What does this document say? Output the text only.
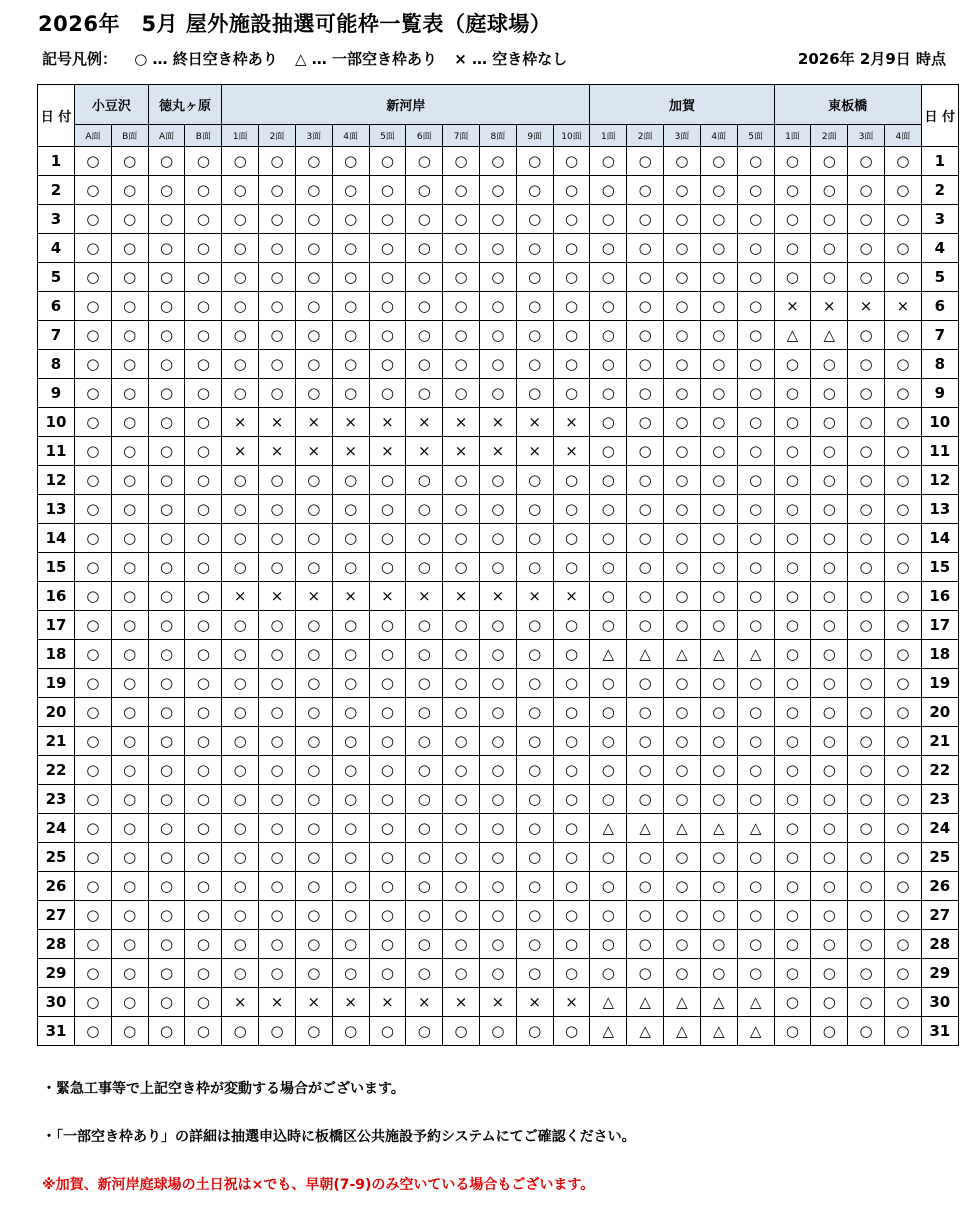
2026年　5月 屋外施設抽選可能枠一覧表（庭球場）
記号凡例： ○ … 終日空き枠あり △ … 一部空き枠あり × … 空き枠なし	2026年 2月9日 時点
日 付	小豆沢		徳丸ヶ原		新河岸										加賀					東板橋				日 付
	A面	B面	A面	B面	1面	2面	3面	4面	5面	6面	7面	8面	9面	10面	1面	2面	3面	4面	5面	1面	2面	3面	4面	
1	○	○	○	○	○	○	○	○	○	○	○	○	○	○	○	○	○	○	○	○	○	○	○	1
2	○	○	○	○	○	○	○	○	○	○	○	○	○	○	○	○	○	○	○	○	○	○	○	2
3	○	○	○	○	○	○	○	○	○	○	○	○	○	○	○	○	○	○	○	○	○	○	○	3
4	○	○	○	○	○	○	○	○	○	○	○	○	○	○	○	○	○	○	○	○	○	○	○	4
5	○	○	○	○	○	○	○	○	○	○	○	○	○	○	○	○	○	○	○	○	○	○	○	5
6	○	○	○	○	○	○	○	○	○	○	○	○	○	○	○	○	○	○	○	×	×	×	×	6
7	○	○	○	○	○	○	○	○	○	○	○	○	○	○	○	○	○	○	○	△	△	○	○	7
8	○	○	○	○	○	○	○	○	○	○	○	○	○	○	○	○	○	○	○	○	○	○	○	8
9	○	○	○	○	○	○	○	○	○	○	○	○	○	○	○	○	○	○	○	○	○	○	○	9
10	○	○	○	○	×	×	×	×	×	×	×	×	×	×	○	○	○	○	○	○	○	○	○	10
11	○	○	○	○	×	×	×	×	×	×	×	×	×	×	○	○	○	○	○	○	○	○	○	11
12	○	○	○	○	○	○	○	○	○	○	○	○	○	○	○	○	○	○	○	○	○	○	○	12
13	○	○	○	○	○	○	○	○	○	○	○	○	○	○	○	○	○	○	○	○	○	○	○	13
14	○	○	○	○	○	○	○	○	○	○	○	○	○	○	○	○	○	○	○	○	○	○	○	14
15	○	○	○	○	○	○	○	○	○	○	○	○	○	○	○	○	○	○	○	○	○	○	○	15
16	○	○	○	○	×	×	×	×	×	×	×	×	×	×	○	○	○	○	○	○	○	○	○	16
17	○	○	○	○	○	○	○	○	○	○	○	○	○	○	○	○	○	○	○	○	○	○	○	17
18	○	○	○	○	○	○	○	○	○	○	○	○	○	○	△	△	△	△	△	○	○	○	○	18
19	○	○	○	○	○	○	○	○	○	○	○	○	○	○	○	○	○	○	○	○	○	○	○	19
20	○	○	○	○	○	○	○	○	○	○	○	○	○	○	○	○	○	○	○	○	○	○	○	20
21	○	○	○	○	○	○	○	○	○	○	○	○	○	○	○	○	○	○	○	○	○	○	○	21
22	○	○	○	○	○	○	○	○	○	○	○	○	○	○	○	○	○	○	○	○	○	○	○	22
23	○	○	○	○	○	○	○	○	○	○	○	○	○	○	○	○	○	○	○	○	○	○	○	23
24	○	○	○	○	○	○	○	○	○	○	○	○	○	○	△	△	△	△	△	○	○	○	○	24
25	○	○	○	○	○	○	○	○	○	○	○	○	○	○	○	○	○	○	○	○	○	○	○	25
26	○	○	○	○	○	○	○	○	○	○	○	○	○	○	○	○	○	○	○	○	○	○	○	26
27	○	○	○	○	○	○	○	○	○	○	○	○	○	○	○	○	○	○	○	○	○	○	○	27
28	○	○	○	○	○	○	○	○	○	○	○	○	○	○	○	○	○	○	○	○	○	○	○	28
29	○	○	○	○	○	○	○	○	○	○	○	○	○	○	○	○	○	○	○	○	○	○	○	29
30	○	○	○	○	×	×	×	×	×	×	×	×	×	×	△	△	△	△	△	○	○	○	○	30
31	○	○	○	○	○	○	○	○	○	○	○	○	○	○	△	△	△	△	△	○	○	○	○	31
・緊急工事等で上記空き枠が変動する場合がございます。
・「一部空き枠あり」の詳細は抽選申込時に板橋区公共施設予約システムにてご確認ください。
※加賀、新河岸庭球場の土日祝は×でも、早朝(7-9)のみ空いている場合もございます。
